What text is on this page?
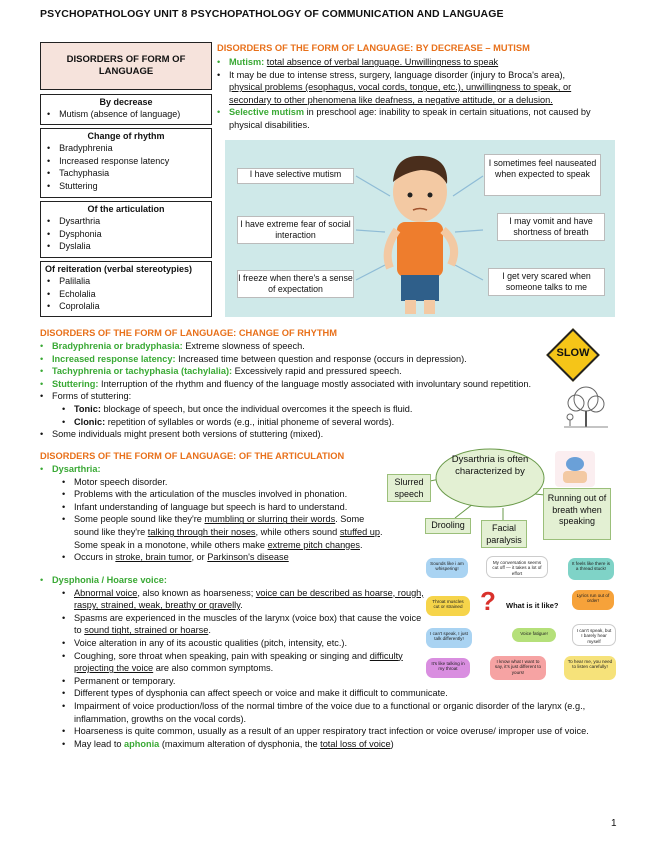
PSYCHOPATHOLOGY UNIT 8 PSYCHOPATHOLOGY OF COMMUNICATION AND LANGUAGE
DISORDERS OF FORM OF LANGUAGE
By decrease
• Mutism (absence of language)
Change of rhythm
• Bradyphrenia
• Increased response latency
• Tachyphasia
• Stuttering
Of the articulation
• Dysarthria
• Dysphonia
• Dyslalia
Of reiteration (verbal stereotypies)
• Palilalia
• Echolalia
• Coprolalia
DISORDERS OF THE FORM OF LANGUAGE: BY DECREASE – MUTISM
• Mutism: total absence of verbal language. Unwillingness to speak
• It may be due to intense stress, surgery, language disorder (injury to Broca's area),
physical problems (esophagus, vocal cords, tongue, etc.), unwillingness to speak, or
secondary to other phenomena like deafness, a negative attitude, or a delusion.
• Selective mutism in preschool age: inability to speak in certain situations, not caused by physical disabilities.
I have selective mutism
I sometimes feel nauseated when expected to speak
I have extreme fear of social interaction
I may vomit and have shortness of breath
I freeze when there's a sense of expectation
I get very scared when someone talks to me
DISORDERS OF THE FORM OF LANGUAGE: CHANGE OF RHYTHM
• Bradyphrenia or bradyphasia: Extreme slowness of speech.
• Increased response latency: Increased time between question and response (occurs in depression).
• Tachyphrenia or tachyphasia (tachylalia): Excessively rapid and pressured speech.
• Stuttering: Interruption of the rhythm and fluency of the language mostly associated with involuntary sound repetition.
• Forms of stuttering:
• Tonic: blockage of speech, but once the individual overcomes it the speech is fluid.
• Clonic: repetition of syllables or words (e.g., initial phoneme of several words).
• Some individuals might present both versions of stuttering (mixed).
SLOW
DISORDERS OF THE FORM OF LANGUAGE: OF THE ARTICULATION
• Dysarthria:
• Motor speech disorder.
• Problems with the articulation of the muscles involved in phonation.
• Infant understanding of language but speech is hard to understand.
• Some people sound like they're mumbling or slurring their words. Some sound like they're talking through their noses, while others sound stuffed up. Some speak in a monotone, while others make extreme pitch changes.
• Occurs in stroke, brain tumor, or Parkinson's disease
Dysarthria is often characterized by
Slurred speech
Drooling	Facial paralysis
Running out of breath when speaking
• Dysphonia / Hoarse voice:
• Abnormal voice, also known as hoarseness; voice can be described as hoarse, rough, raspy, strained, weak, breathy or gravelly.
• Spasms are experienced in the muscles of the larynx (voice box) that cause the voice to sound tight, strained or hoarse.
• Voice alteration in any of its acoustic qualities (pitch, intensity, etc.).
• Coughing, sore throat when speaking, pain with speaking or singing and difficulty projecting the voice are also common symptoms.
• Permanent or temporary.
• Different types of dysphonia can affect speech or voice and make it difficult to communicate.
• Impairment of voice production/loss of the normal timbre of the voice due to a functional or organic disorder of the larynx (e.g., inflammation, growths on the vocal cords).
• Hoarseness is quite common, usually as a result of an upper respiratory tract infection or voice overuse/ improper use of voice.
• May lead to aphonia (maximum alteration of dysphonia, the total loss of voice)
? What is it like?
Sounds like i am whispering!
My conversation seems cut off — it takes a lot of effort
It feels like there is a thread stuck!
Throat muscles cut or strained
Lyrics run out of order!
Voice fatigue!
I can't speak, but I barely hear myself
I can't speak, I just talk differently!
It's like talking in my throat
I know what I want to say, it's just different to yours!
To hear me, you need to listen carefully!
1
